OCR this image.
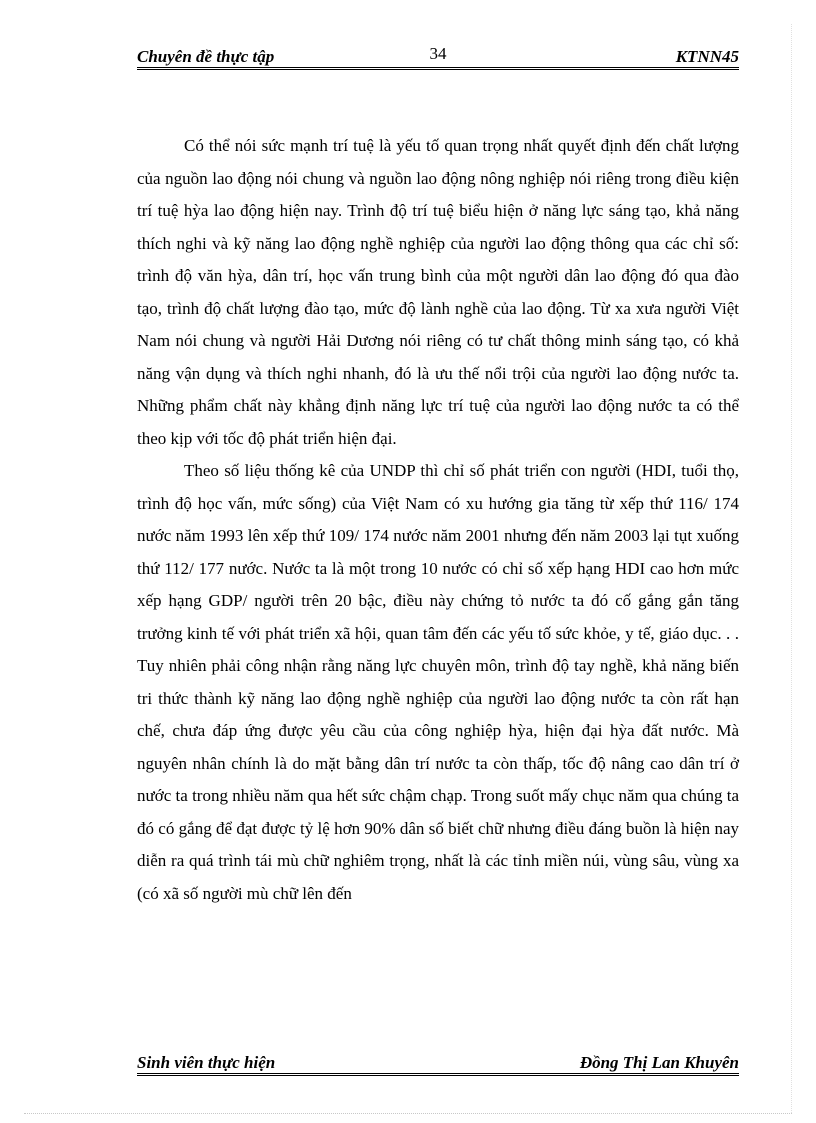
Chuyên đề thực tập	34	KTNN45

Có thể nói sức mạnh trí tuệ là yếu tố quan trọng nhất quyết định đến chất lượng của nguồn lao động nói chung và nguồn lao động nông nghiệp nói riêng trong điều kiện trí tuệ hỳa lao động hiện nay. Trình độ trí tuệ biểu hiện ở năng lực sáng tạo, khả năng thích nghi và kỹ năng lao động nghề nghiệp của người lao động thông qua các chỉ số: trình độ văn hỳa, dân trí, học vấn trung bình của một người dân lao động đó qua đào tạo, trình độ chất lượng đào tạo, mức độ lành nghề của lao động. Từ xa xưa người Việt Nam nói chung và người Hải Dương nói riêng có tư chất thông minh sáng tạo, có khả năng vận dụng và thích nghi nhanh, đó là ưu thế nổi trội của người lao động nước ta. Những phẩm chất này khẳng định năng lực trí tuệ của người lao động nước ta có thể theo kịp với tốc độ phát triển hiện đại.

Theo số liệu thống kê của UNDP thì chỉ số phát triển con người (HDI, tuổi thọ, trình độ học vấn, mức sống) của Việt Nam có xu hướng gia tăng từ xếp thứ 116/ 174 nước năm 1993 lên xếp thứ 109/ 174 nước năm 2001 nhưng đến năm 2003 lại tụt xuống thứ 112/ 177 nước. Nước ta là một trong 10 nước có chỉ số xếp hạng HDI cao hơn mức xếp hạng GDP/ người trên 20 bậc, điều này chứng tỏ nước ta đó cố gắng gắn tăng trưởng kinh tế với phát triển xã hội, quan tâm đến các yếu tố sức khỏe, y tế, giáo dục. . . Tuy nhiên phải công nhận rằng năng lực chuyên môn, trình độ tay nghề, khả năng biến tri thức thành kỹ năng lao động nghề nghiệp của người lao động nước ta còn rất hạn chế, chưa đáp ứng được yêu cầu của công nghiệp hỳa, hiện đại hỳa đất nước. Mà nguyên nhân chính là do mặt bằng dân trí nước ta còn thấp, tốc độ nâng cao dân trí ở nước ta trong nhiều năm qua hết sức chậm chạp. Trong suốt mấy chục năm qua chúng ta đó có gắng để đạt được tỷ lệ hơn 90% dân số biết chữ nhưng điều đáng buồn là hiện nay diễn ra quá trình tái mù chữ nghiêm trọng, nhất là các tỉnh miền núi, vùng sâu, vùng xa (có xã số người mù chữ lên đến

Sinh viên thực hiện	Đồng Thị Lan Khuyên
